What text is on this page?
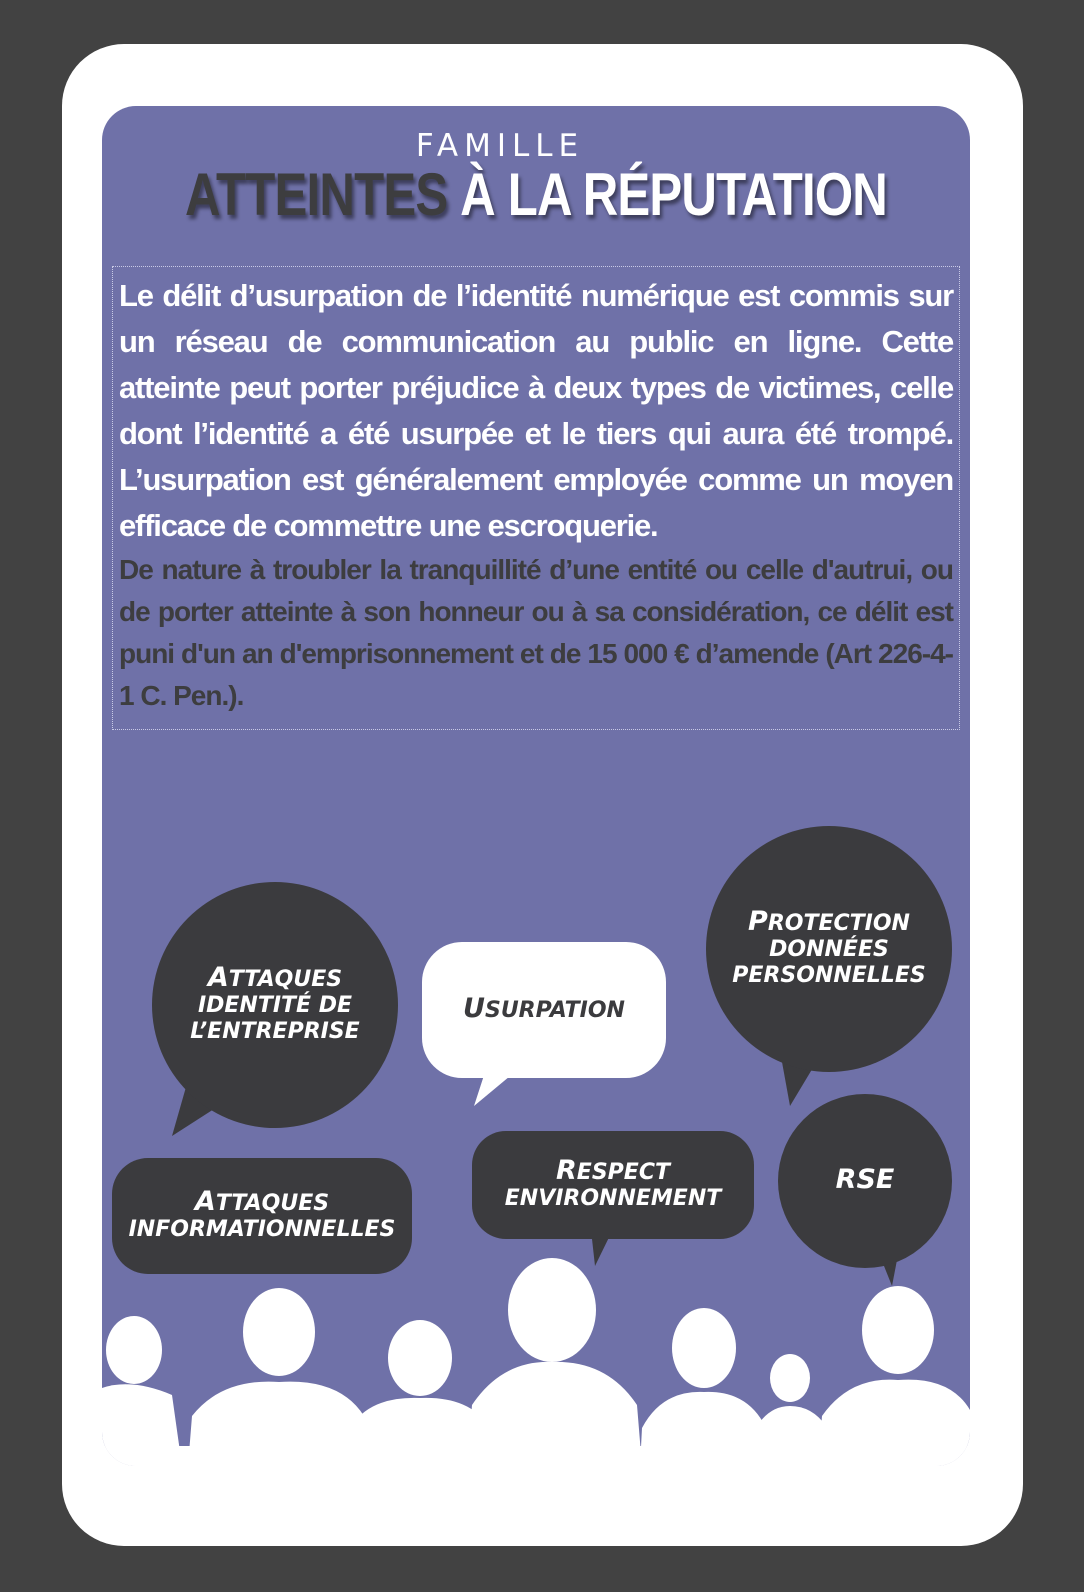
FAMILLE
ATTEINTES À LA RÉPUTATION
Le délit d’usurpation de l’identité numérique est commis sur un réseau de communication au public en ligne. Cette atteinte peut porter préjudice à deux types de victimes, celle dont l’identité a été usurpée et le tiers qui aura été trompé. L’usurpation est généralement employée comme un moyen efficace de commettre une escroquerie.
De nature à troubler la tranquillité d’une entité ou celle d'autrui, ou de porter atteinte à son honneur ou à sa considération, ce délit est puni d'un an d'emprisonnement et de 15 000 € d’amende (Art 226-4-1 C. Pen.).
ATTAQUES
IDENTITÉ DE
L’ENTREPRISE
USURPATION
PROTECTION
DONNÉES
PERSONNELLES
ATTAQUES
INFORMATIONNELLES
RESPECT
ENVIRONNEMENT
RSE
